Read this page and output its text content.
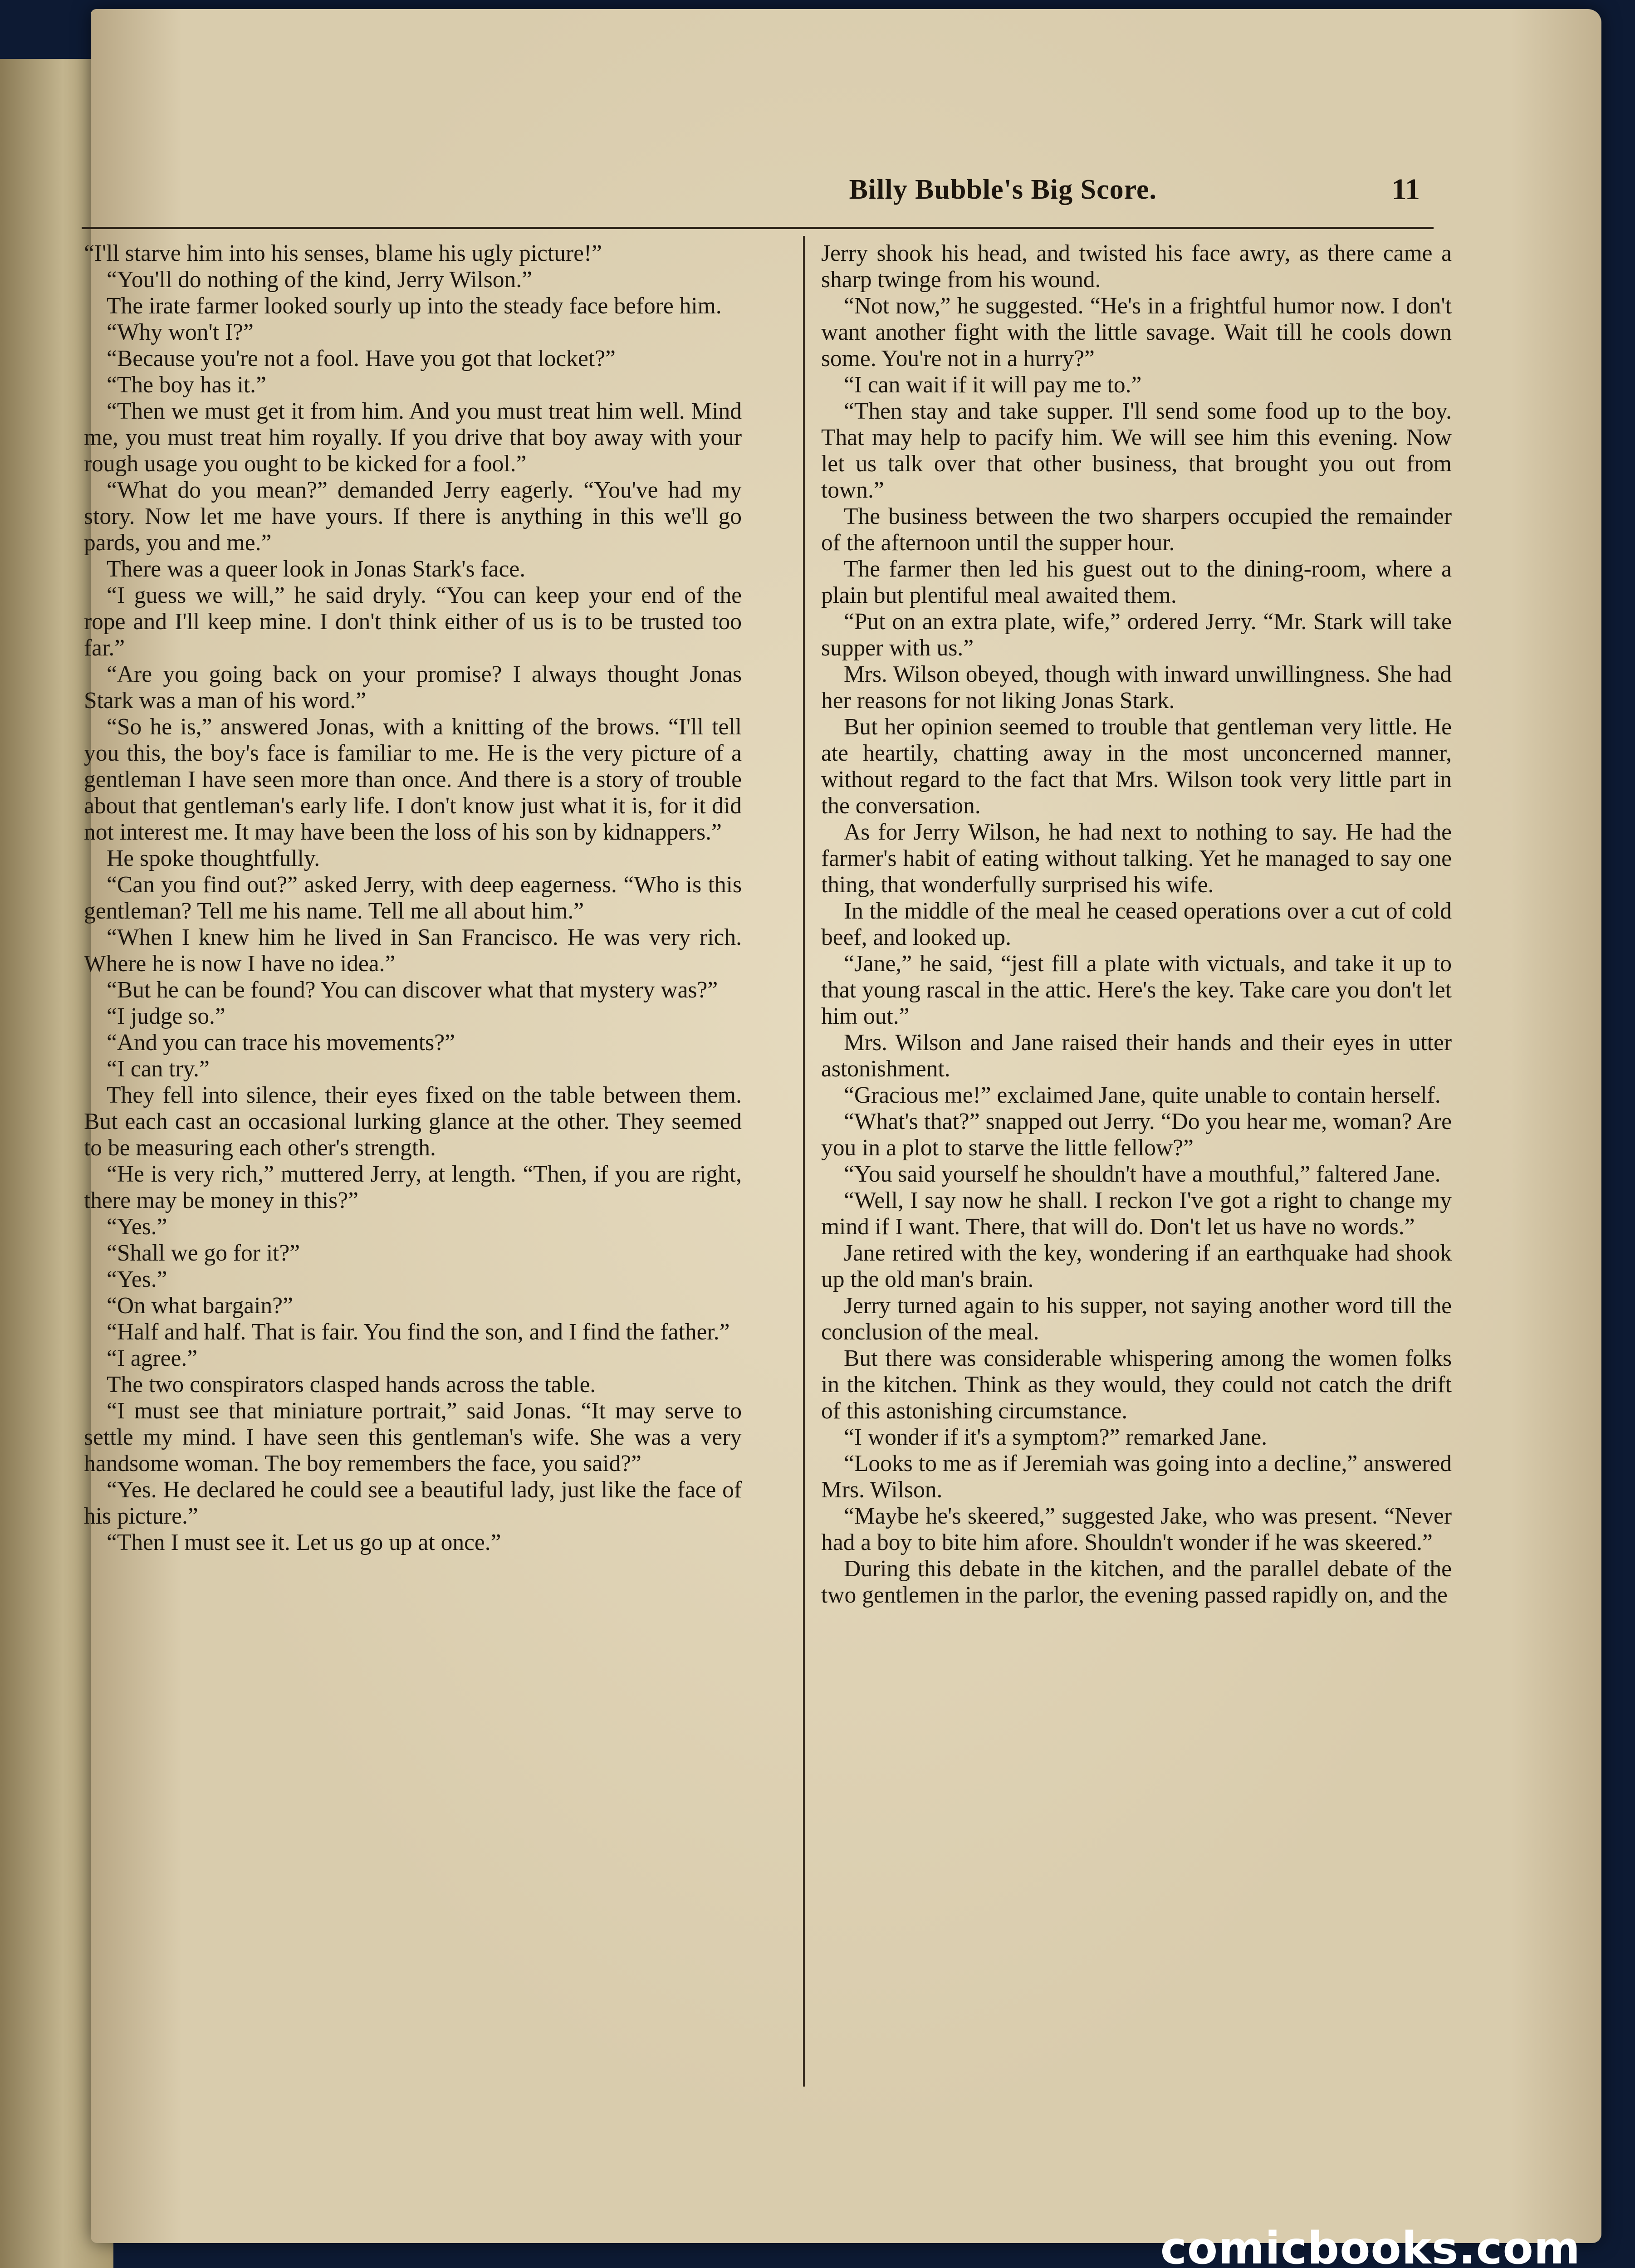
Billy Bubble's Big Score.	11

“I'll starve him into his senses, blame his ugly picture!”

“You'll do nothing of the kind, Jerry Wilson.”

The irate farmer looked sourly up into the steady face before him.

“Why won't I?”

“Because you're not a fool. Have you got that locket?”

“The boy has it.”

“Then we must get it from him. And you must treat him well. Mind me, you must treat him royally. If you drive that boy away with your rough usage you ought to be kicked for a fool.”

“What do you mean?” demanded Jerry eagerly. “You've had my story. Now let me have yours. If there is anything in this we'll go pards, you and me.”

There was a queer look in Jonas Stark's face.

“I guess we will,” he said dryly. “You can keep your end of the rope and I'll keep mine. I don't think either of us is to be trusted too far.”

“Are you going back on your promise? I always thought Jonas Stark was a man of his word.”

“So he is,” answered Jonas, with a knitting of the brows. “I'll tell you this, the boy's face is familiar to me. He is the very picture of a gentleman I have seen more than once. And there is a story of trouble about that gentleman's early life. I don't know just what it is, for it did not interest me. It may have been the loss of his son by kidnappers.”

He spoke thoughtfully.

“Can you find out?” asked Jerry, with deep eagerness. “Who is this gentleman? Tell me his name. Tell me all about him.”

“When I knew him he lived in San Francisco. He was very rich. Where he is now I have no idea.”

“But he can be found? You can discover what that mystery was?”

“I judge so.”

“And you can trace his movements?”

“I can try.”

They fell into silence, their eyes fixed on the table between them. But each cast an occasional lurking glance at the other. They seemed to be measuring each other's strength.

“He is very rich,” muttered Jerry, at length. “Then, if you are right, there may be money in this?”

“Yes.”

“Shall we go for it?”

“Yes.”

“On what bargain?”

“Half and half. That is fair. You find the son, and I find the father.”

“I agree.”

The two conspirators clasped hands across the table.

“I must see that miniature portrait,” said Jonas. “It may serve to settle my mind. I have seen this gentleman's wife. She was a very handsome woman. The boy remembers the face, you said?”

“Yes. He declared he could see a beautiful lady, just like the face of his picture.”

“Then I must see it. Let us go up at once.”

Jerry shook his head, and twisted his face awry, as there came a sharp twinge from his wound.

“Not now,” he suggested. “He's in a frightful humor now. I don't want another fight with the little savage. Wait till he cools down some. You're not in a hurry?”

“I can wait if it will pay me to.”

“Then stay and take supper. I'll send some food up to the boy. That may help to pacify him. We will see him this evening. Now let us talk over that other business, that brought you out from town.”

The business between the two sharpers occupied the remainder of the afternoon until the supper hour.

The farmer then led his guest out to the dining-room, where a plain but plentiful meal awaited them.

“Put on an extra plate, wife,” ordered Jerry. “Mr. Stark will take supper with us.”

Mrs. Wilson obeyed, though with inward unwillingness. She had her reasons for not liking Jonas Stark.

But her opinion seemed to trouble that gentleman very little. He ate heartily, chatting away in the most unconcerned manner, without regard to the fact that Mrs. Wilson took very little part in the conversation.

As for Jerry Wilson, he had next to nothing to say. He had the farmer's habit of eating without talking. Yet he managed to say one thing, that wonderfully surprised his wife.

In the middle of the meal he ceased operations over a cut of cold beef, and looked up.

“Jane,” he said, “jest fill a plate with victuals, and take it up to that young rascal in the attic. Here's the key. Take care you don't let him out.”

Mrs. Wilson and Jane raised their hands and their eyes in utter astonishment.

“Gracious me!” exclaimed Jane, quite unable to contain herself.

“What's that?” snapped out Jerry. “Do you hear me, woman? Are you in a plot to starve the little fellow?”

“You said yourself he shouldn't have a mouthful,” faltered Jane.

“Well, I say now he shall. I reckon I've got a right to change my mind if I want. There, that will do. Don't let us have no words.”

Jane retired with the key, wondering if an earthquake had shook up the old man's brain.

Jerry turned again to his supper, not saying another word till the conclusion of the meal.

But there was considerable whispering among the women folks in the kitchen. Think as they would, they could not catch the drift of this astonishing circumstance.

“I wonder if it's a symptom?” remarked Jane.

“Looks to me as if Jeremiah was going into a decline,” answered Mrs. Wilson.

“Maybe he's skeered,” suggested Jake, who was present. “Never had a boy to bite him afore. Shouldn't wonder if he was skeered.”

During this debate in the kitchen, and the parallel debate of the two gentlemen in the parlor, the evening passed rapidly on, and the

comicbooks.com
